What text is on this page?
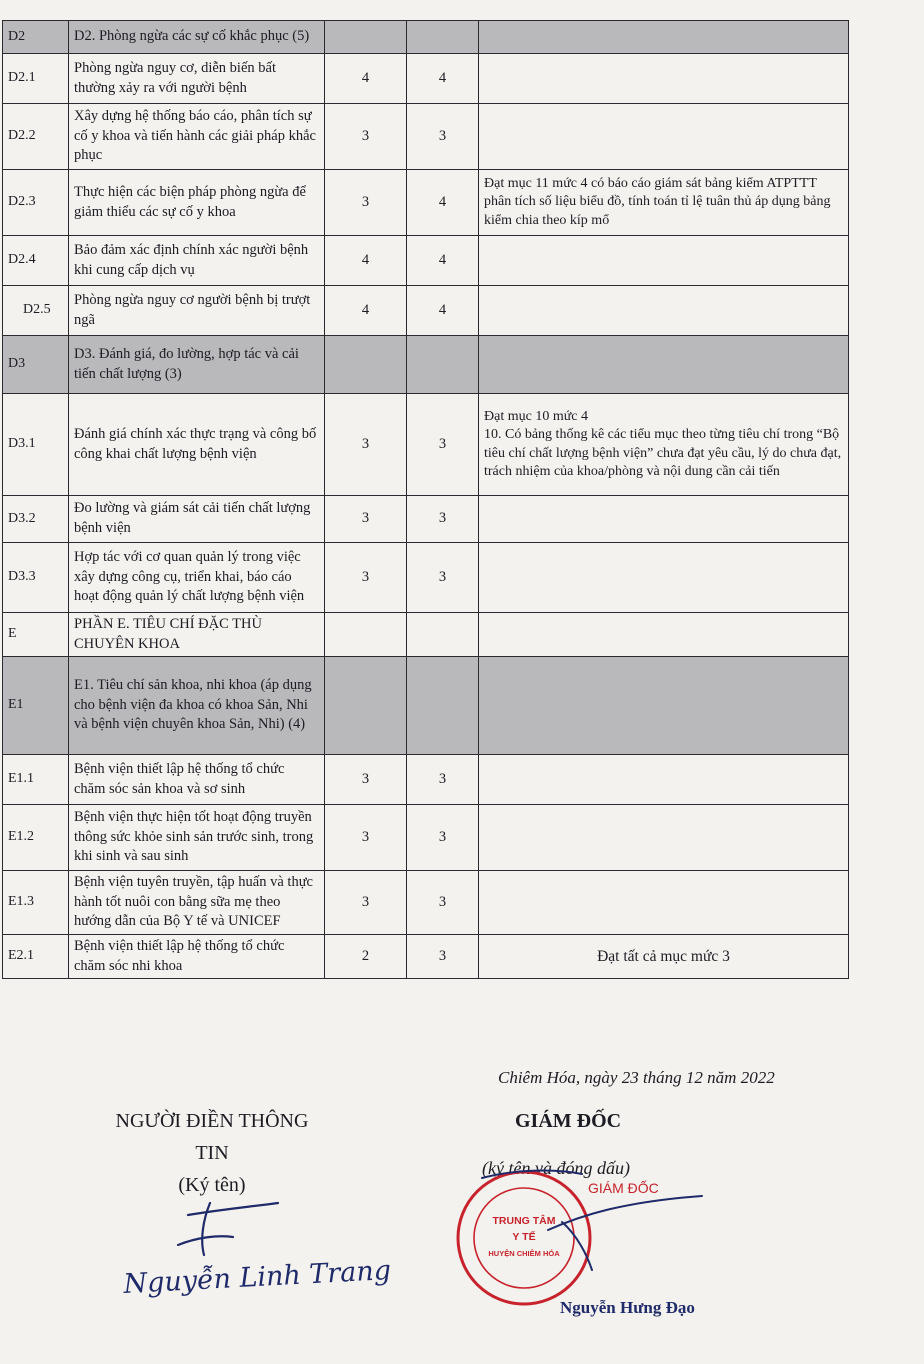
D2	D2. Phòng ngừa các sự cố khắc phục (5)			
D2.1	Phòng ngừa nguy cơ, diễn biến bất thường xảy ra với người bệnh	4	4	
D2.2	Xây dựng hệ thống báo cáo, phân tích sự cố y khoa và tiến hành các giải pháp khắc phục	3	3	
D2.3	Thực hiện các biện pháp phòng ngừa để giảm thiểu các sự cố y khoa	3	4	Đạt mục 11 mức 4 có báo cáo giám sát bảng kiểm ATPTTT phân tích số liệu biểu đồ, tính toán tỉ lệ tuân thủ áp dụng bảng kiểm chia theo kíp mổ
D2.4	Bảo đảm xác định chính xác người bệnh khi cung cấp dịch vụ	4	4	
D2.5	Phòng ngừa nguy cơ người bệnh bị trượt ngã	4	4	
D3	D3. Đánh giá, đo lường, hợp tác và cải tiến chất lượng (3)			
D3.1	Đánh giá chính xác thực trạng và công bố công khai chất lượng bệnh viện	3	3	Đạt mục 10 mức 4
10. Có bảng thống kê các tiểu mục theo từng tiêu chí trong “Bộ tiêu chí chất lượng bệnh viện” chưa đạt yêu cầu, lý do chưa đạt, trách nhiệm của khoa/phòng và nội dung cần cải tiến
D3.2	Đo lường và giám sát cải tiến chất lượng bệnh viện	3	3	
D3.3	Hợp tác với cơ quan quản lý trong việc xây dựng công cụ, triển khai, báo cáo hoạt động quản lý chất lượng bệnh viện	3	3	
E	PHẦN E. TIÊU CHÍ ĐẶC THÙ CHUYÊN KHOA			
E1	E1. Tiêu chí sản khoa, nhi khoa (áp dụng cho bệnh viện đa khoa có khoa Sản, Nhi và bệnh viện chuyên khoa Sản, Nhi) (4)			
E1.1	Bệnh viện thiết lập hệ thống tổ chức chăm sóc sản khoa và sơ sinh	3	3	
E1.2	Bệnh viện thực hiện tốt hoạt động truyền thông sức khỏe sinh sản trước sinh, trong khi sinh và sau sinh	3	3	
E1.3	Bệnh viện tuyên truyền, tập huấn và thực hành tốt nuôi con bằng sữa mẹ theo hướng dẫn của Bộ Y tế và UNICEF	3	3	
E2.1	Bệnh viện thiết lập hệ thống tổ chức chăm sóc nhi khoa	2	3	Đạt tất cả mục mức 3
Chiêm Hóa, ngày 23 tháng 12 năm 2022
NGƯỜI ĐIỀN THÔNG
TIN
(Ký tên)
GIÁM ĐỐC
(ký tên và đóng dấu)
Nguyễn Linh Trang
TRUNG TÂM
Y TẾ
HUYỆN CHIÊM HÓA
GIÁM ĐỐC
Nguyễn Hưng Đạo
